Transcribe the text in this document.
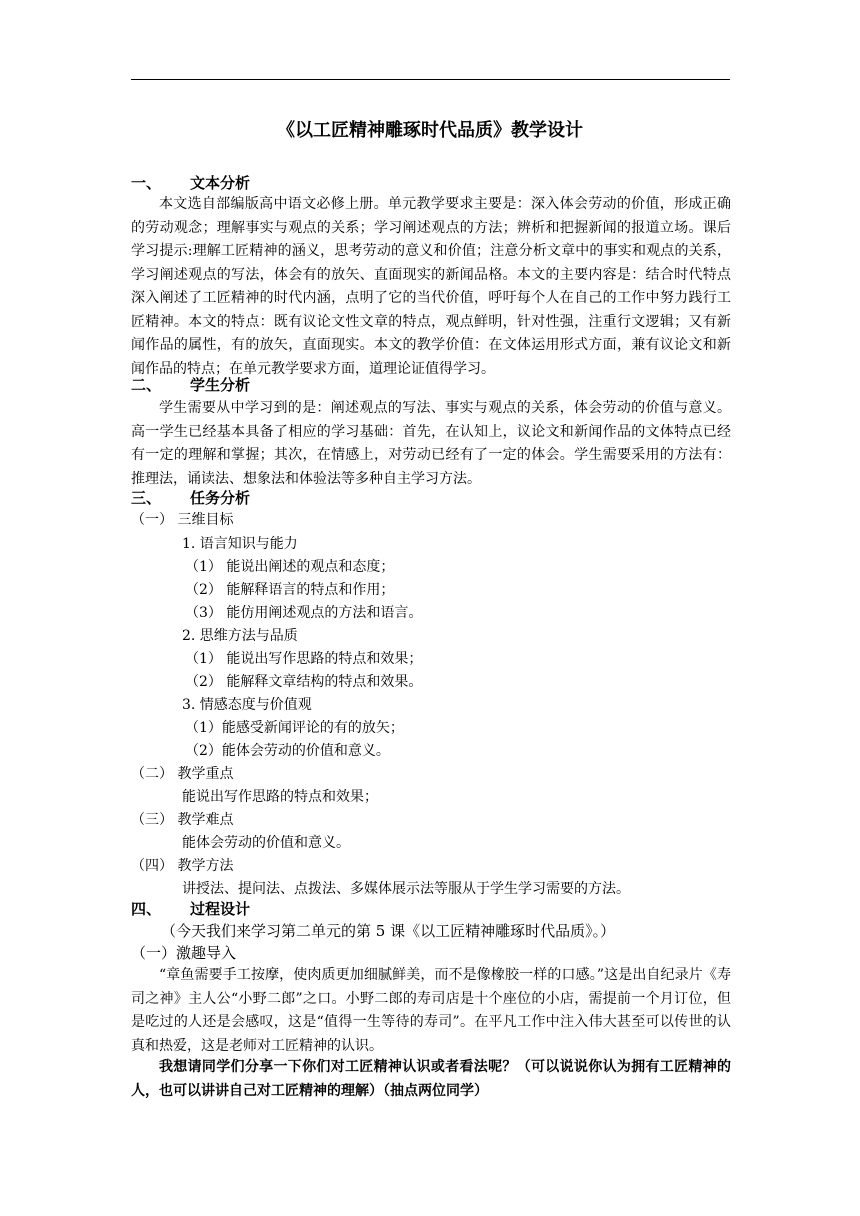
《以工匠精神雕琢时代品质》教学设计
一、 文本分析
本文选自部编版高中语文必修上册。单元教学要求主要是：深入体会劳动的价值，形成正确的劳动观念；理解事实与观点的关系；学习阐述观点的方法；辨析和把握新闻的报道立场。课后学习提示:理解工匠精神的涵义，思考劳动的意义和价值；注意分析文章中的事实和观点的关系，学习阐述观点的写法，体会有的放矢、直面现实的新闻品格。本文的主要内容是：结合时代特点深入阐述了工匠精神的时代内涵，点明了它的当代价值，呼吁每个人在自己的工作中努力践行工匠精神。本文的特点：既有议论文性文章的特点，观点鲜明，针对性强，注重行文逻辑；又有新闻作品的属性，有的放矢，直面现实。本文的教学价值：在文体运用形式方面，兼有议论文和新闻作品的特点；在单元教学要求方面，道理论证值得学习。
二、 学生分析
学生需要从中学习到的是：阐述观点的写法、事实与观点的关系，体会劳动的价值与意义。高一学生已经基本具备了相应的学习基础：首先，在认知上，议论文和新闻作品的文体特点已经有一定的理解和掌握；其次，在情感上，对劳动已经有了一定的体会。学生需要采用的方法有：推理法，诵读法、想象法和体验法等多种自主学习方法。
三、 任务分析
（一） 三维目标
1. 语言知识与能力
（1） 能说出阐述的观点和态度；
（2） 能解释语言的特点和作用；
（3） 能仿用阐述观点的方法和语言。
2. 思维方法与品质
（1） 能说出写作思路的特点和效果；
（2） 能解释文章结构的特点和效果。
3. 情感态度与价值观
（1）能感受新闻评论的有的放矢；
（2）能体会劳动的价值和意义。
（二） 教学重点
能说出写作思路的特点和效果；
（三） 教学难点
能体会劳动的价值和意义。
（四） 教学方法
讲授法、提问法、点拨法、多媒体展示法等服从于学生学习需要的方法。
四、 过程设计
（今天我们来学习第二单元的第 5 课《以工匠精神雕琢时代品质》。）
（一）激趣导入
“章鱼需要手工按摩，使肉质更加细腻鲜美，而不是像橡胶一样的口感。”这是出自纪录片《寿司之神》主人公“小野二郎”之口。小野二郎的寿司店是十个座位的小店，需提前一个月订位，但是吃过的人还是会感叹，这是“值得一生等待的寿司”。在平凡工作中注入伟大甚至可以传世的认真和热爱，这是老师对工匠精神的认识。
我想请同学们分享一下你们对工匠精神认识或者看法呢？（可以说说你认为拥有工匠精神的人，也可以讲讲自己对工匠精神的理解）（抽点两位同学）
